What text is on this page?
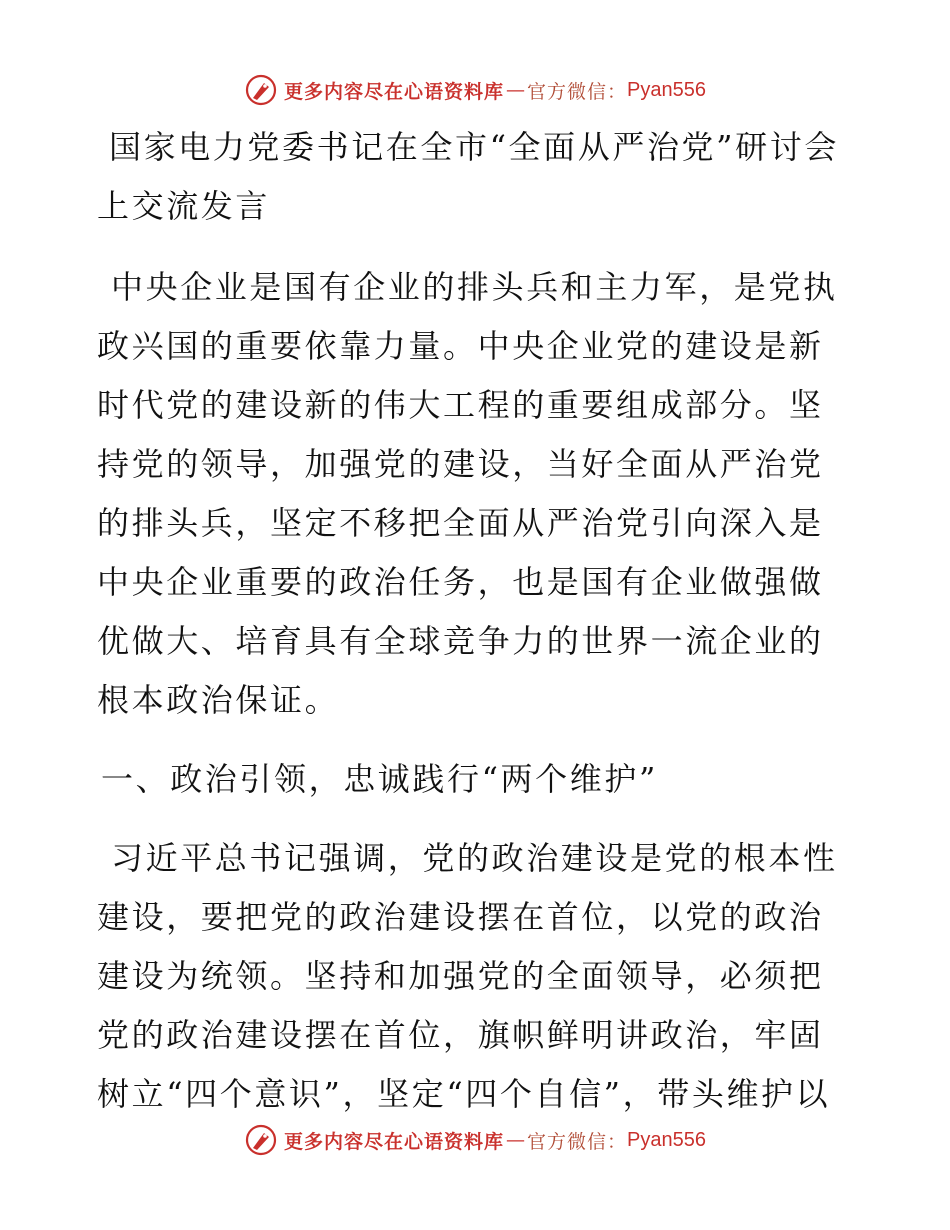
更多内容尽在心语资料库 — 官方微信： Pyan556

国家电力党委书记在全市“全面从严治党”研讨会上交流发言

中央企业是国有企业的排头兵和主力军，是党执政兴国的重要依靠力量。中央企业党的建设是新时代党的建设新的伟大工程的重要组成部分。坚持党的领导，加强党的建设，当好全面从严治党的排头兵，坚定不移把全面从严治党引向深入是中央企业重要的政治任务，也是国有企业做强做优做大、培育具有全球竞争力的世界一流企业的根本政治保证。

一、政治引领，忠诚践行“两个维护”

习近平总书记强调，党的政治建设是党的根本性建设，要把党的政治建设摆在首位，以党的政治建设为统领。坚持和加强党的全面领导，必须把党的政治建设摆在首位，旗帜鲜明讲政治，牢固树立“四个意识”，坚定“四个自信”，带头维护以

更多内容尽在心语资料库 — 官方微信： Pyan556
